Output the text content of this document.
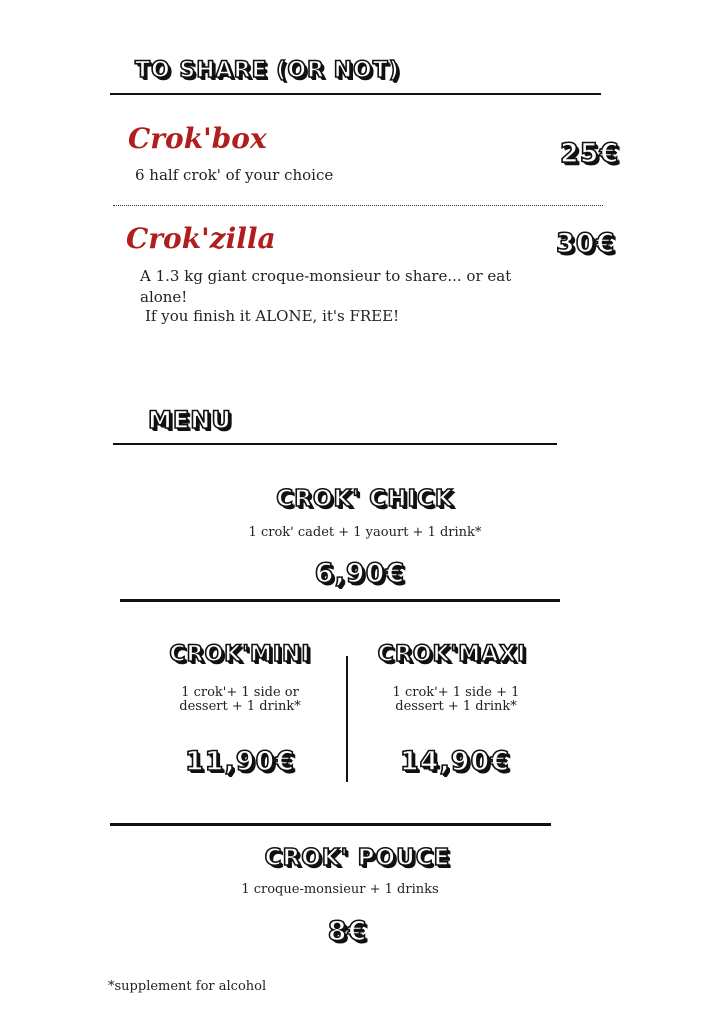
TO SHARE (OR NOT)
Crok'box
6 half crok' of your choice
25€
Crok'zilla	30€
A 1.3 kg giant croque-monsieur to share... or eat alone!
If you finish it ALONE, it's FREE!
MENU
CROK' CHICK
1 crok' cadet + 1 yaourt + 1 drink*
6,90€
CROK'MINI
1 crok'+ 1 side or dessert + 1 drink*
11,90€
CROK'MAXI
1 crok'+ 1 side + 1 dessert + 1 drink*
14,90€
CROK' POUCE
1 croque-monsieur + 1 drinks
8€
*supplement for alcohol
